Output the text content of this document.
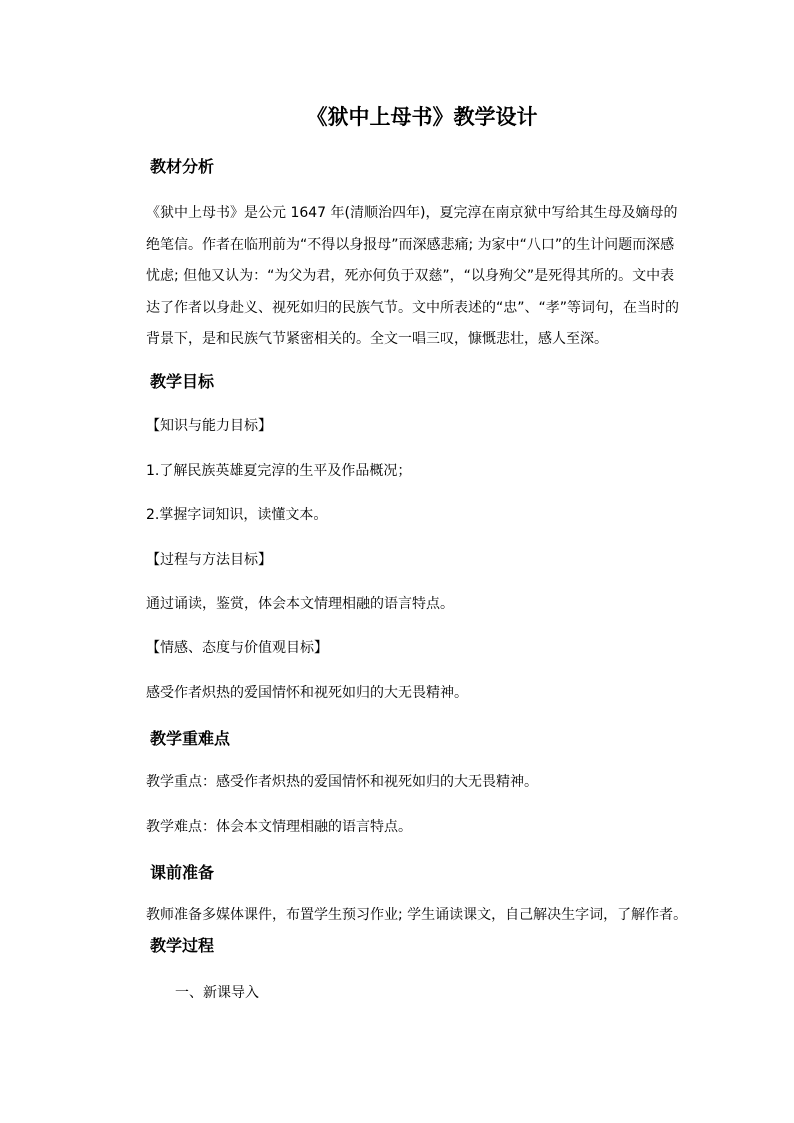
《狱中上母书》教学设计
教材分析
《狱中上母书》是公元 1647 年(清顺治四年)，夏完淳在南京狱中写给其生母及嫡母的
绝笔信。作者在临刑前为“不得以身报母”而深感悲痛; 为家中“八口”的生计问题而深感
忧虑; 但他又认为：“为父为君，死亦何负于双慈”，“以身殉父”是死得其所的。文中表
达了作者以身赴义、视死如归的民族气节。文中所表述的“忠”、“孝”等词句，在当时的
背景下，是和民族气节紧密相关的。全文一唱三叹，慷慨悲壮，感人至深。
教学目标
【知识与能力目标】
1.了解民族英雄夏完淳的生平及作品概况；
2.掌握字词知识，读懂文本。
【过程与方法目标】
通过诵读，鉴赏，体会本文情理相融的语言特点。
【情感、态度与价值观目标】
感受作者炽热的爱国情怀和视死如归的大无畏精神。
教学重难点
教学重点：感受作者炽热的爱国情怀和视死如归的大无畏精神。
教学难点：体会本文情理相融的语言特点。
课前准备
教师准备多媒体课件，布置学生预习作业; 学生诵读课文，自己解决生字词，了解作者。
教学过程
一、新课导入
